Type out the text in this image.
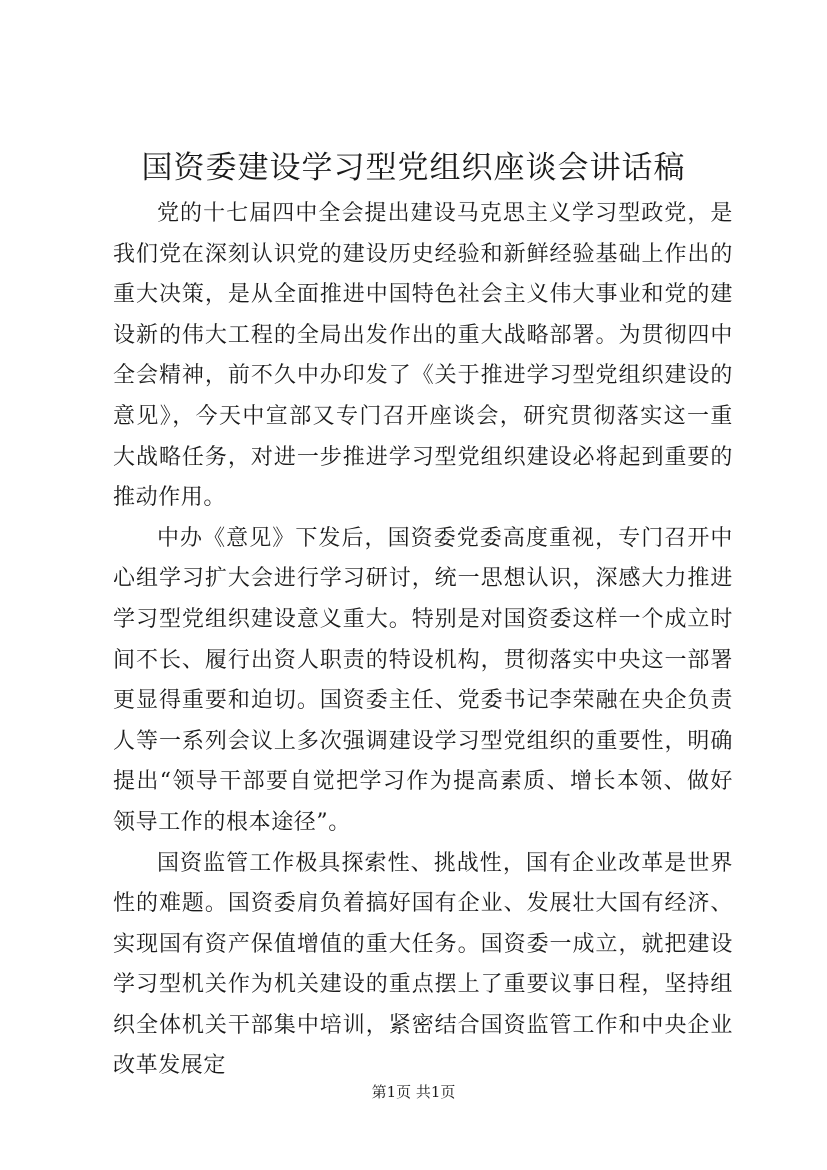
国资委建设学习型党组织座谈会讲话稿

党的十七届四中全会提出建设马克思主义学习型政党，是我们党在深刻认识党的建设历史经验和新鲜经验基础上作出的重大决策，是从全面推进中国特色社会主义伟大事业和党的建设新的伟大工程的全局出发作出的重大战略部署。为贯彻四中全会精神，前不久中办印发了《关于推进学习型党组织建设的意见》，今天中宣部又专门召开座谈会，研究贯彻落实这一重大战略任务，对进一步推进学习型党组织建设必将起到重要的推动作用。

中办《意见》下发后，国资委党委高度重视，专门召开中心组学习扩大会进行学习研讨，统一思想认识，深感大力推进学习型党组织建设意义重大。特别是对国资委这样一个成立时间不长、履行出资人职责的特设机构，贯彻落实中央这一部署更显得重要和迫切。国资委主任、党委书记李荣融在央企负责人等一系列会议上多次强调建设学习型党组织的重要性，明确提出“领导干部要自觉把学习作为提高素质、增长本领、做好领导工作的根本途径”。

国资监管工作极具探索性、挑战性，国有企业改革是世界性的难题。国资委肩负着搞好国有企业、发展壮大国有经济、实现国有资产保值增值的重大任务。国资委一成立，就把建设学习型机关作为机关建设的重点摆上了重要议事日程，坚持组织全体机关干部集中培训，紧密结合国资监管工作和中央企业改革发展定

第1页 共1页
